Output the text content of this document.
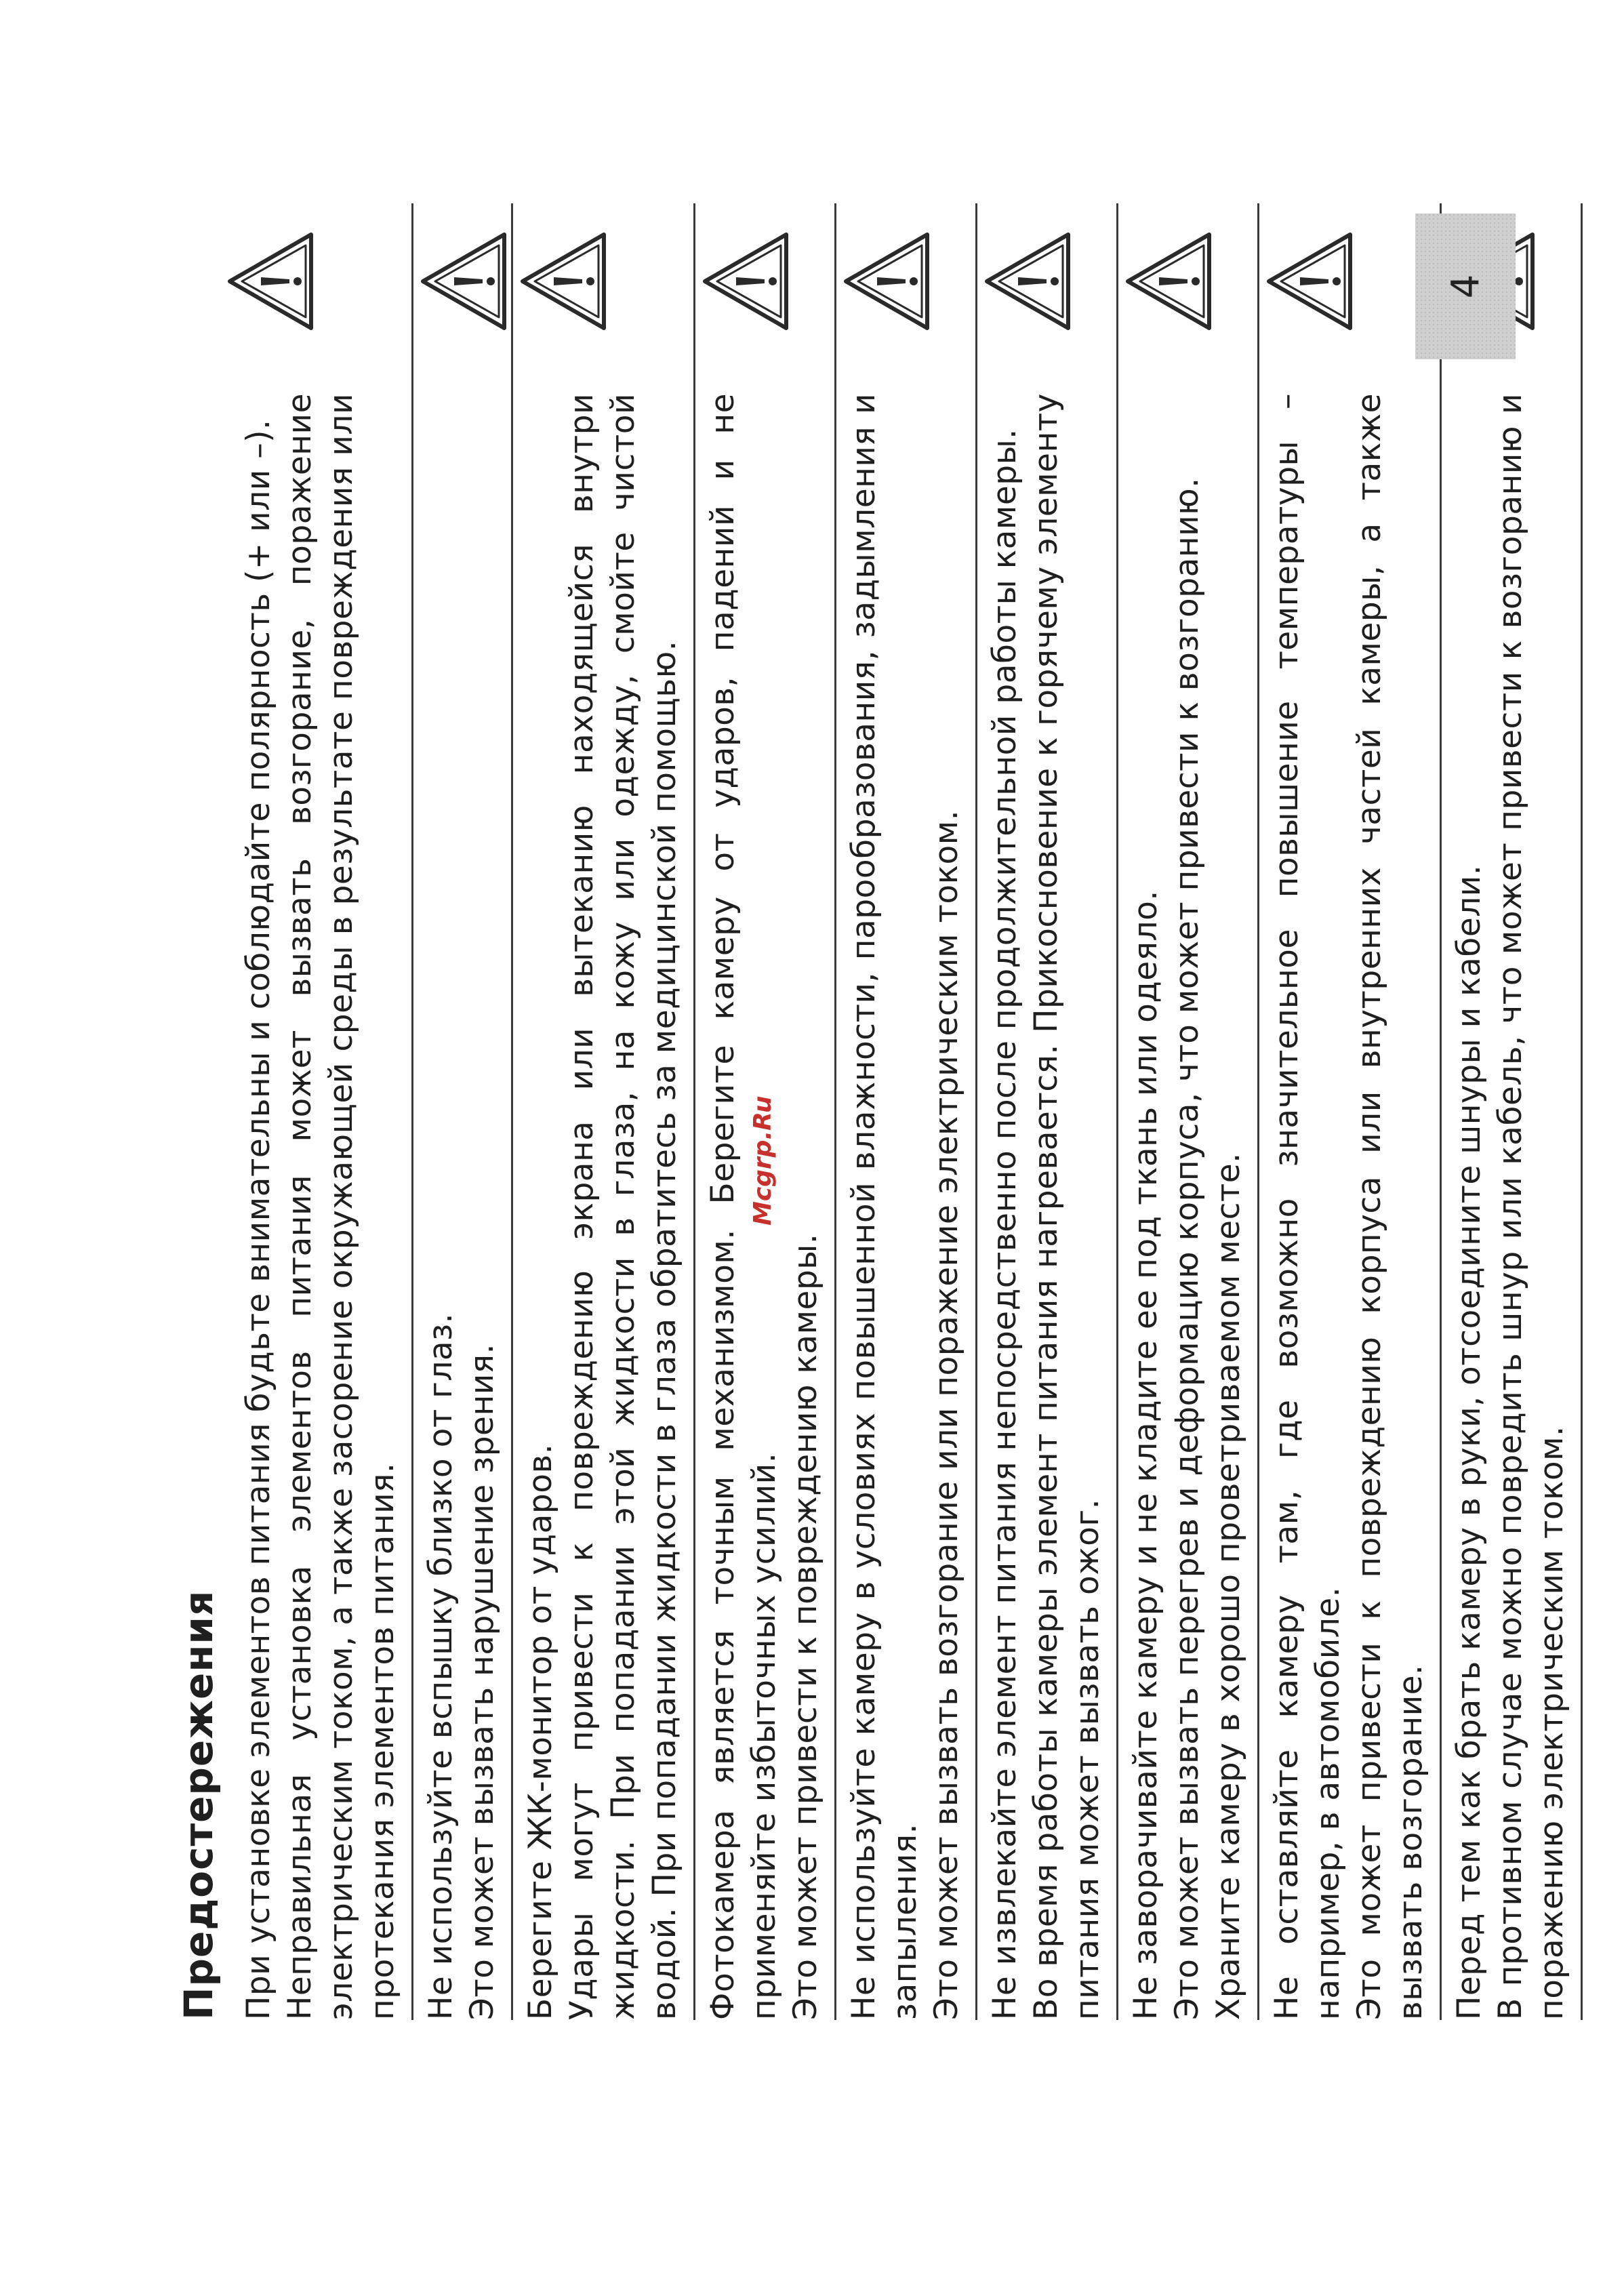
Предостережения При установке элементов питания будьте внимательны и соблюдайте полярность (+ или –). Неправильная установка элементов питания может вызвать возгорание, поражение электрическим током, а также засорение окружающей среды в результате повреждения или протекания элементов питания. Не используйте вспышку близко от глаз. Это может вызвать нарушение зрения. Берегите ЖК-монитор от ударов. Удары могут привести к повреждению экрана или вытеканию находящейся внутри жидкости. При попадании этой жидкости в глаза, на кожу или одежду, смойте чистой водой. При попадании жидкости в глаза обратитесь за медицинской помощью. Фотокамера является точным механизмом. Берегите камеру от ударов, падений и не применяйте избыточных усилий. Это может привести к повреждению камеры. Не используйте камеру в условиях повышенной влажности, парообразования, задымления и запыления. Это может вызвать возгорание или поражение электрическим током. Не извлекайте элемент питания непосредственно после продолжительной работы камеры. Во время работы камеры элемент питания нагревается. Прикосновение к горячему элементу питания может вызвать ожог. Не заворачивайте камеру и не кладите ее под ткань или одеяло. Это может вызвать перегрев и деформацию корпуса, что может привести к возгоранию. Храните камеру в хорошо проветриваемом месте. Не оставляйте камеру там, где возможно значительное повышение температуры – например, в автомобиле. Это может привести к повреждению корпуса или внутренних частей камеры, а также вызвать возгорание. Перед тем как брать камеру в руки, отсоедините шнуры и кабели. В противном случае можно повредить шнур или кабель, что может привести к возгоранию и поражению электрическим током.

Mcgrp.Ru
4
